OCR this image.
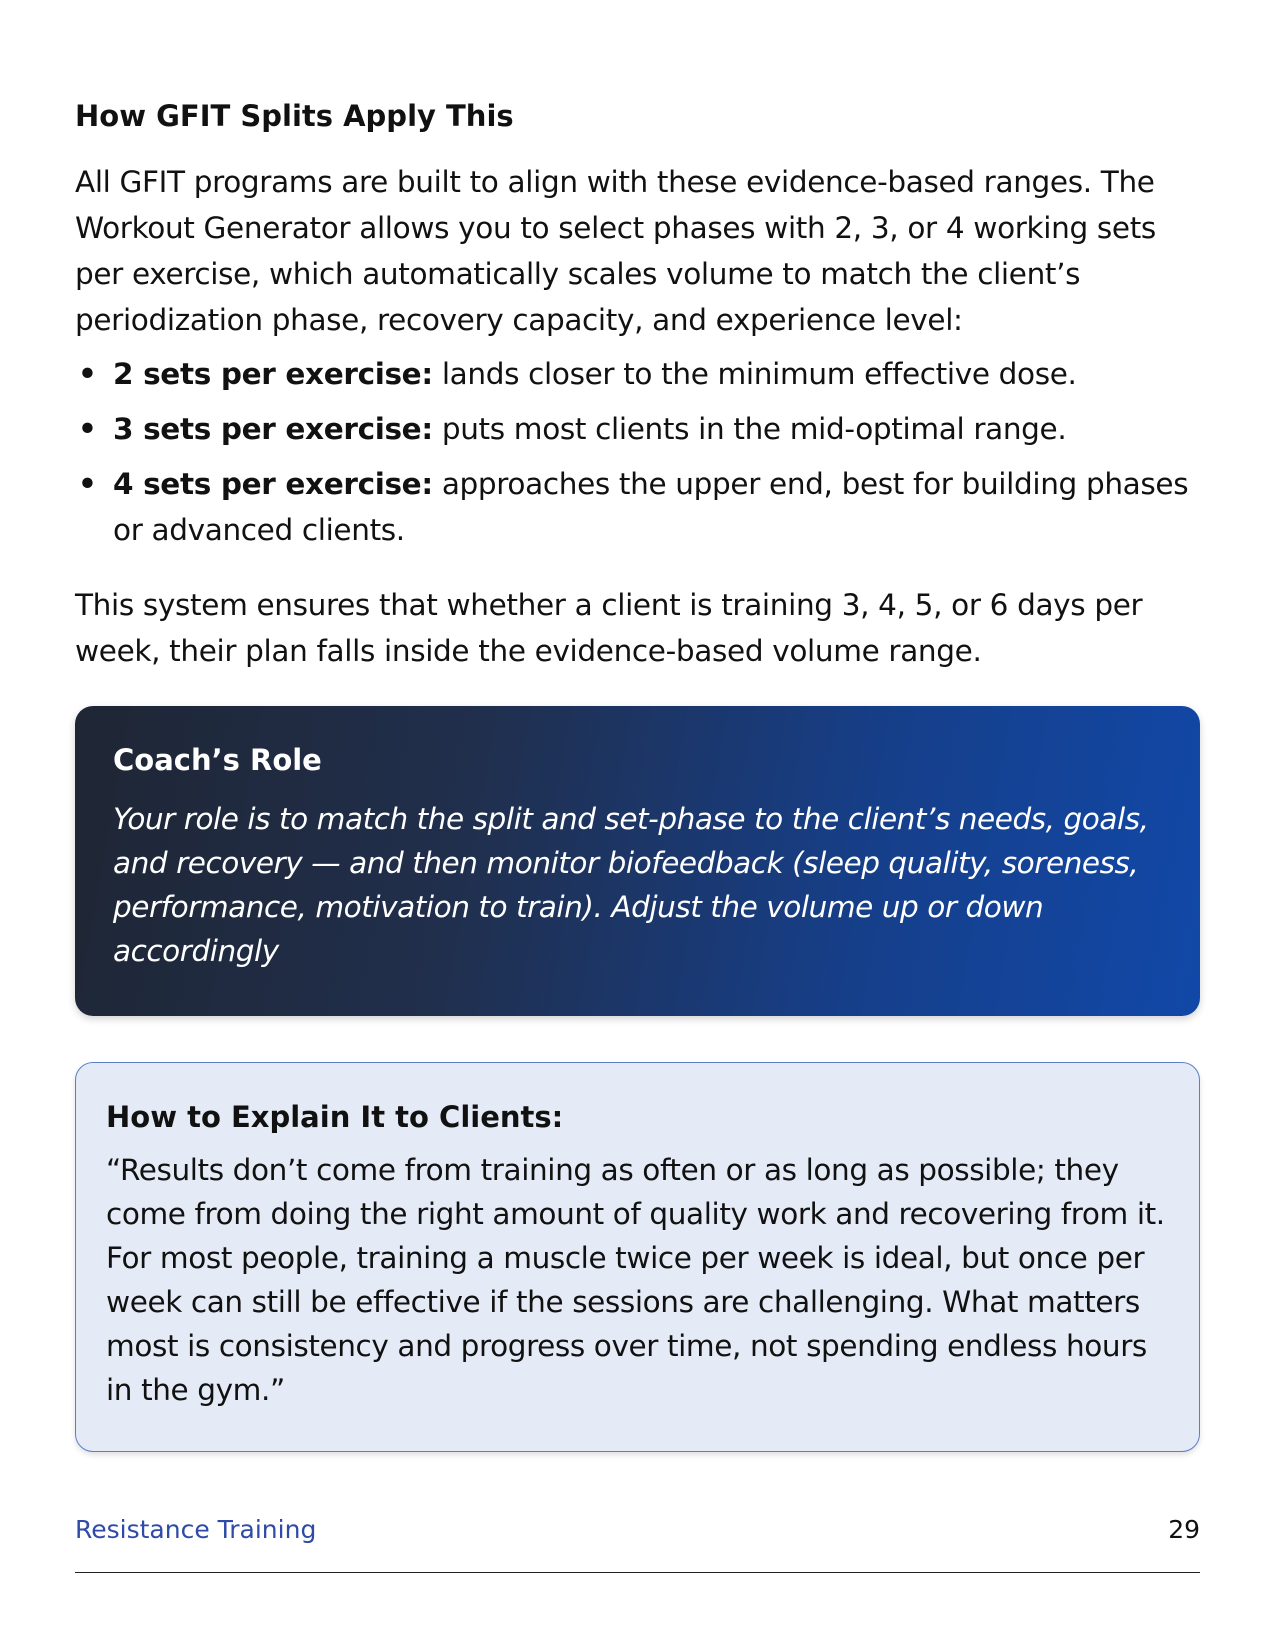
How GFIT Splits Apply This

All GFIT programs are built to align with these evidence-based ranges. The Workout Generator allows you to select phases with 2, 3, or 4 working sets per exercise, which automatically scales volume to match the client’s periodization phase, recovery capacity, and experience level:

• 2 sets per exercise: lands closer to the minimum effective dose.
• 3 sets per exercise: puts most clients in the mid-optimal range.
• 4 sets per exercise: approaches the upper end, best for building phases or advanced clients.

This system ensures that whether a client is training 3, 4, 5, or 6 days per week, their plan falls inside the evidence-based volume range.

Coach’s Role

Your role is to match the split and set-phase to the client’s needs, goals, and recovery — and then monitor biofeedback (sleep quality, soreness, performance, motivation to train). Adjust the volume up or down accordingly

How to Explain It to Clients:

“Results don’t come from training as often or as long as possible; they come from doing the right amount of quality work and recovering from it. For most people, training a muscle twice per week is ideal, but once per week can still be effective if the sessions are challenging. What matters most is consistency and progress over time, not spending endless hours in the gym.”

Resistance Training	29
